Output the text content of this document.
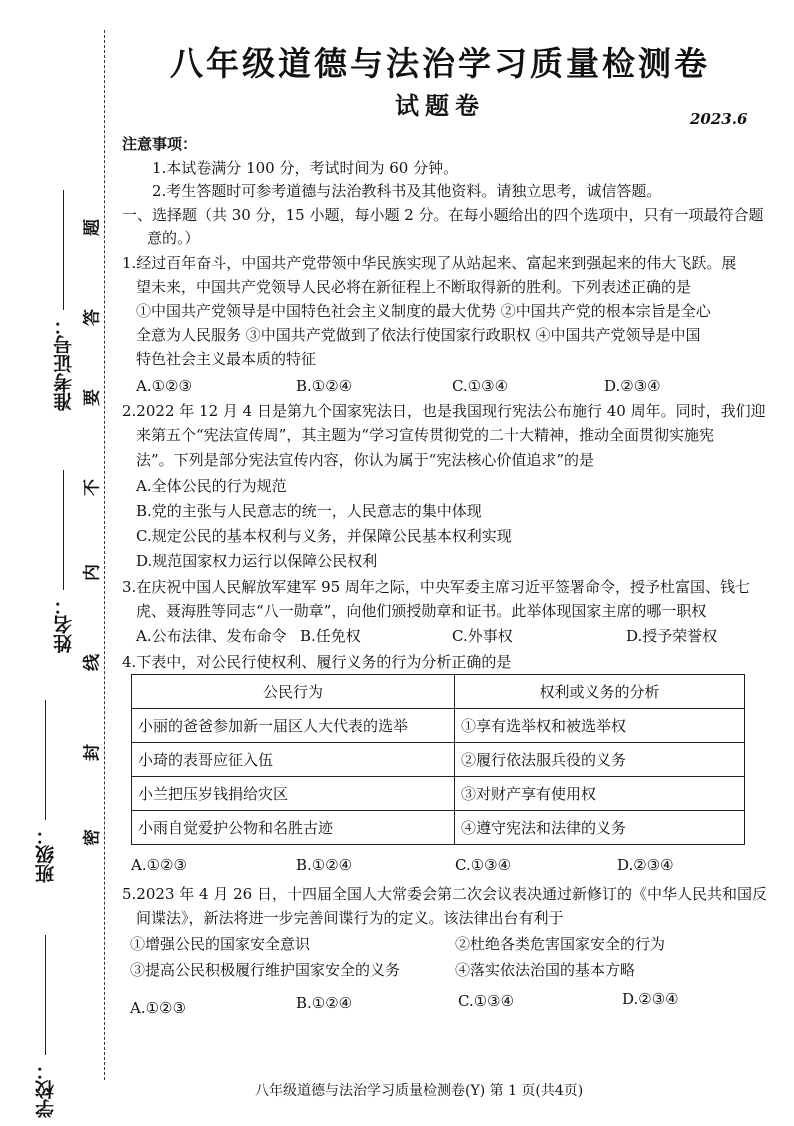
准考证号：
姓名：
班级：
学校：
题
答
要
不
内
线
封
密
八年级道德与法治学习质量检测卷
试题卷	2023.6
注意事项：
1.本试卷满分 100 分，考试时间为 60 分钟。
2.考生答题时可参考道德与法治教科书及其他资料。请独立思考，诚信答题。
一、选择题（共 30 分，15 小题，每小题 2 分。在每小题给出的四个选项中，只有一项最符合题
意的。）
1.经过百年奋斗，中国共产党带领中华民族实现了从站起来、富起来到强起来的伟大飞跃。展
望未来，中国共产党领导人民必将在新征程上不断取得新的胜利。下列表述正确的是
①中国共产党领导是中国特色社会主义制度的最大优势 ②中国共产党的根本宗旨是全心
全意为人民服务 ③中国共产党做到了依法行使国家行政职权 ④中国共产党领导是中国
特色社会主义最本质的特征
A.①②③	B.①②④	C.①③④	D.②③④
2.2022 年 12 月 4 日是第九个国家宪法日，也是我国现行宪法公布施行 40 周年。同时，我们迎
来第五个“宪法宣传周”，其主题为“学习宣传贯彻党的二十大精神，推动全面贯彻实施宪
法”。下列是部分宪法宣传内容，你认为属于“宪法核心价值追求”的是
A.全体公民的行为规范
B.党的主张与人民意志的统一，人民意志的集中体现
C.规定公民的基本权利与义务，并保障公民基本权利实现
D.规范国家权力运行以保障公民权利
3.在庆祝中国人民解放军建军 95 周年之际，中央军委主席习近平签署命令，授予杜富国、钱七
虎、聂海胜等同志“八一勋章”，向他们颁授勋章和证书。此举体现国家主席的哪一职权
A.公布法律、发布命令 B.任免权	C.外事权	D.授予荣誉权
4.下表中，对公民行使权利、履行义务的行为分析正确的是
公民行为	权利或义务的分析
小丽的爸爸参加新一届区人大代表的选举	①享有选举权和被选举权
小琦的表哥应征入伍	②履行依法服兵役的义务
小兰把压岁钱捐给灾区	③对财产享有使用权
小雨自觉爱护公物和名胜古迹	④遵守宪法和法律的义务
A.①②③	B.①②④	C.①③④	D.②③④
5.2023 年 4 月 26 日，十四届全国人大常委会第二次会议表决通过新修订的《中华人民共和国反
间谍法》，新法将进一步完善间谍行为的定义。该法律出台有利于
①增强公民的国家安全意识	②杜绝各类危害国家安全的行为
③提高公民积极履行维护国家安全的义务	④落实依法治国的基本方略
A.①②③	B.①②④	C.①③④	D.②③④
八年级道德与法治学习质量检测卷(Y) 第 1 页(共4页)
